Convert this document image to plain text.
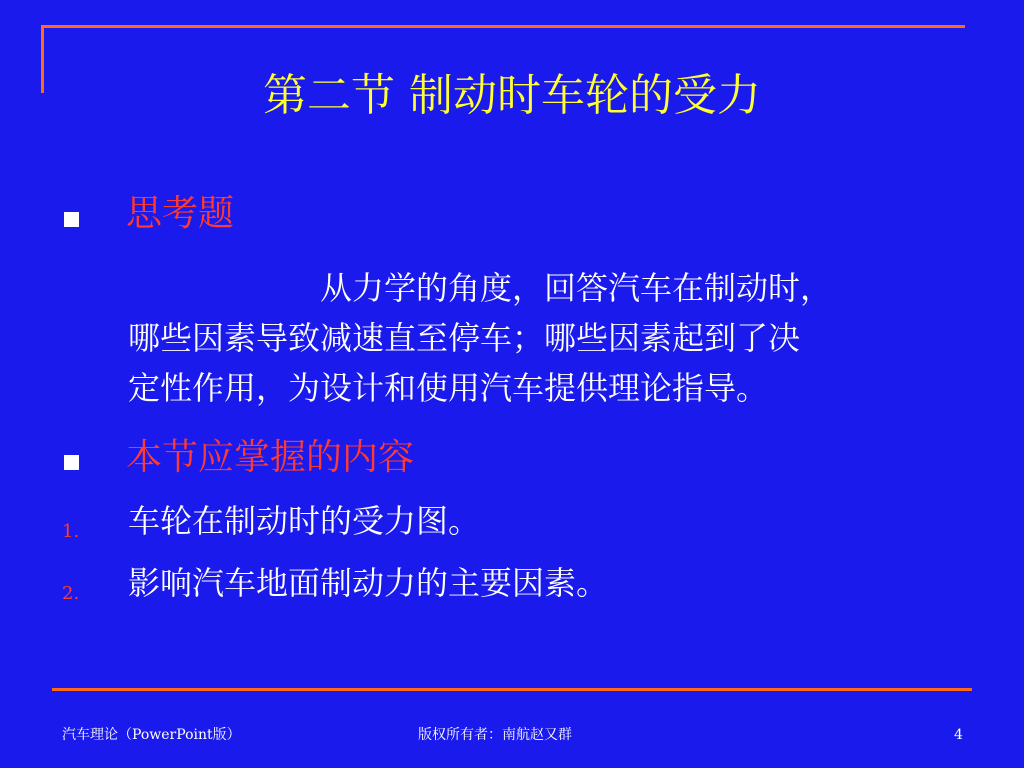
第二节 制动时车轮的受力
思考题
从力学的角度，回答汽车在制动时，
哪些因素导致减速直至停车；哪些因素起到了决
定性作用，为设计和使用汽车提供理论指导。
本节应掌握的内容
1. 车轮在制动时的受力图。
2. 影响汽车地面制动力的主要因素。
汽车理论（PowerPoint版）	版权所有者：南航赵又群	4
